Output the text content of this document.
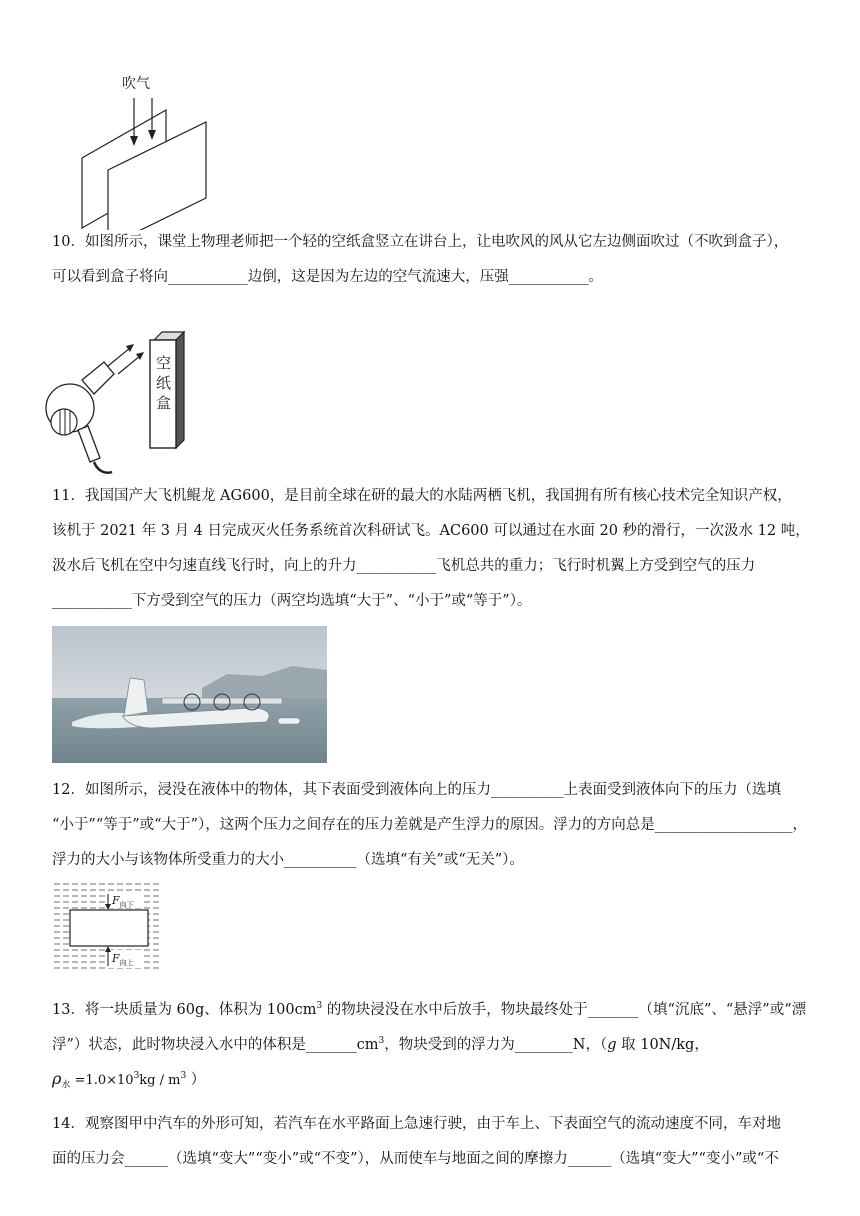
吹气
10．如图所示，课堂上物理老师把一个轻的空纸盒竖立在讲台上，让电吹风的风从它左边侧面吹过（不吹到盒子），
可以看到盒子将向___________边倒，这是因为左边的空气流速大，压强___________。
空
纸
盒
11．我国国产大飞机鲲龙 AG600，是目前全球在研的最大的水陆两栖飞机，我国拥有所有核心技术完全知识产权，
该机于 2021 年 3 月 4 日完成灭火任务系统首次科研试飞。AC600 可以通过在水面 20 秒的滑行，一次汲水 12 吨，
汲水后飞机在空中匀速直线飞行时，向上的升力___________飞机总共的重力；飞行时机翼上方受到空气的压力
___________下方受到空气的压力（两空均选填“大于”、“小于”或“等于”）。
12．如图所示，浸没在液体中的物体，其下表面受到液体向上的压力__________上表面受到液体向下的压力（选填
“小于”“等于”或“大于”），这两个压力之间存在的压力差就是产生浮力的原因。浮力的方向总是___________________，
浮力的大小与该物体所受重力的大小__________（选填“有关”或“无关”）。
$F_{向下}$
$F_{向上}$
13．将一块质量为 60g、体积为 $100cm^3$ 的物块浸没在水中后放手，物块最终处于_______（填“沉底”、“悬浮”或“漂
浮”）状态，此时物块浸入水中的体积是$\_\_\_\_\_\_\_cm^3$，物块受到的浮力为________N，（g 取 10N/kg，
$\rho_水 =1.0\times 10^3kg / m^3$ ）
14．观察图甲中汽车的外形可知，若汽车在水平路面上急速行驶，由于车上、下表面空气的流动速度不同，车对地
面的压力会______（选填“变大”“变小”或“不变”），从而使车与地面之间的摩擦力______（选填“变大”“变小”或“不
